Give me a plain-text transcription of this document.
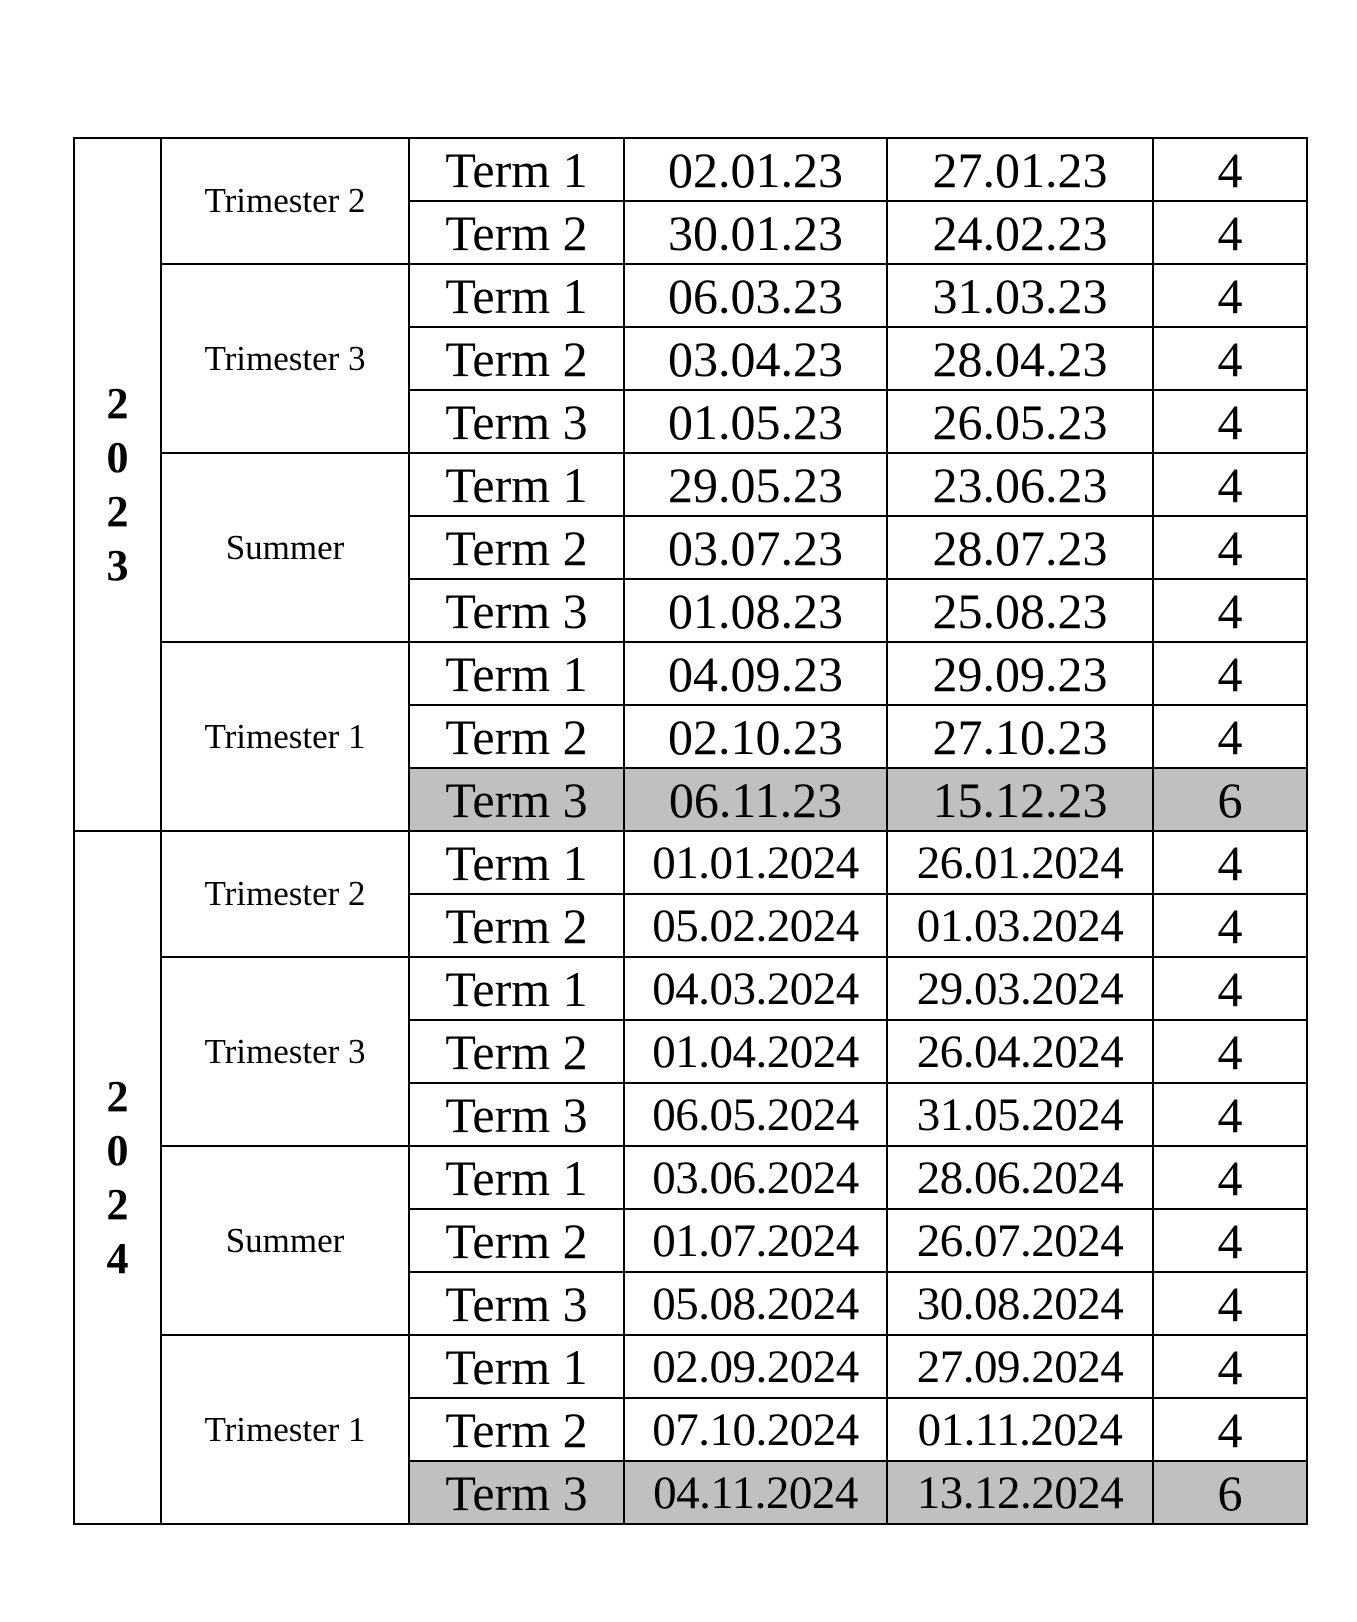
2
0
2
3	Trimester 2	Term 1	02.01.23	27.01.23	4
		Term 2	30.01.23	24.02.23	4
	Trimester 3	Term 1	06.03.23	31.03.23	4
		Term 2	03.04.23	28.04.23	4
		Term 3	01.05.23	26.05.23	4
	Summer	Term 1	29.05.23	23.06.23	4
		Term 2	03.07.23	28.07.23	4
		Term 3	01.08.23	25.08.23	4
	Trimester 1	Term 1	04.09.23	29.09.23	4
		Term 2	02.10.23	27.10.23	4
		Term 3	06.11.23	15.12.23	6

2
0
2
4	Trimester 2	Term 1	01.01.2024	26.01.2024	4
		Term 2	05.02.2024	01.03.2024	4
	Trimester 3	Term 1	04.03.2024	29.03.2024	4
		Term 2	01.04.2024	26.04.2024	4
		Term 3	06.05.2024	31.05.2024	4
	Summer	Term 1	03.06.2024	28.06.2024	4
		Term 2	01.07.2024	26.07.2024	4
		Term 3	05.08.2024	30.08.2024	4
	Trimester 1	Term 1	02.09.2024	27.09.2024	4
		Term 2	07.10.2024	01.11.2024	4
		Term 3	04.11.2024	13.12.2024	6
